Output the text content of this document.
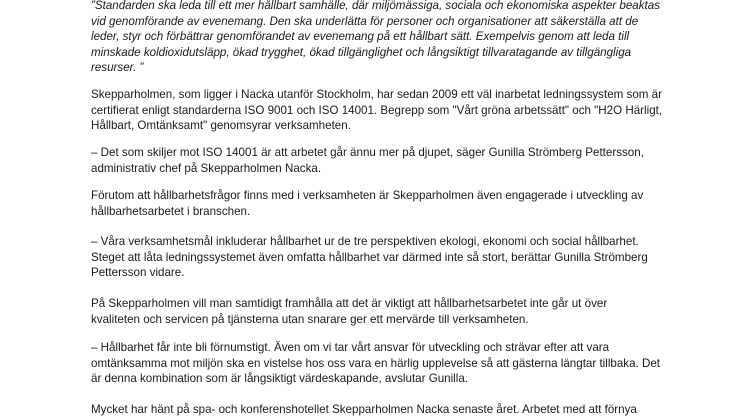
”Standarden ska leda till ett mer hållbart samhälle, där miljömässiga, sociala och ekonomiska aspekter beaktas
vid genomförande av evenemang. Den ska underlätta för personer och organisationer att säkerställa att de
leder, styr och förbättrar genomförandet av evenemang på ett hållbart sätt. Exempelvis genom att leda till
minskade koldioxidutsläpp, ökad trygghet, ökad tillgänglighet och långsiktigt tillvaratagande av tillgängliga
resurser. ”

Skepparholmen, som ligger i Nacka utanför Stockholm, har sedan 2009 ett väl inarbetat ledningssystem som är
certifierat enligt standarderna ISO 9001 och ISO 14001. Begrepp som "Vårt gröna arbetssätt" och "H2O Härligt,
Hållbart, Omtänksamt" genomsyrar verksamheten.

– Det som skiljer mot ISO 14001 är att arbetet går ännu mer på djupet, säger Gunilla Strömberg Pettersson,
administrativ chef på Skepparholmen Nacka.

Förutom att hållbarhetsfrågor finns med i verksamheten är Skepparholmen även engagerade i utveckling av
hållbarhetsarbetet i branschen.

– Våra verksamhetsmål inkluderar hållbarhet ur de tre perspektiven ekologi, ekonomi och social hållbarhet.
Steget att låta ledningssystemet även omfatta hållbarhet var därmed inte så stort, berättar Gunilla Strömberg
Pettersson vidare.

På Skepparholmen vill man samtidigt framhålla att det är viktigt att hållbarhetsarbetet inte går ut över
kvaliteten och servicen på tjänsterna utan snarare ger ett mervärde till verksamheten.

– Hållbarhet får inte bli förnumstigt. Även om vi tar vårt ansvar för utveckling och strävar efter att vara
omtänksamma mot miljön ska en vistelse hos oss vara en härlig upplevelse så att gästerna längtar tillbaka. Det
är denna kombination som är långsiktigt värdeskapande, avslutar Gunilla.

Mycket har hänt på spa- och konferenshotellet Skepparholmen Nacka senaste året. Arbetet med att förnya
